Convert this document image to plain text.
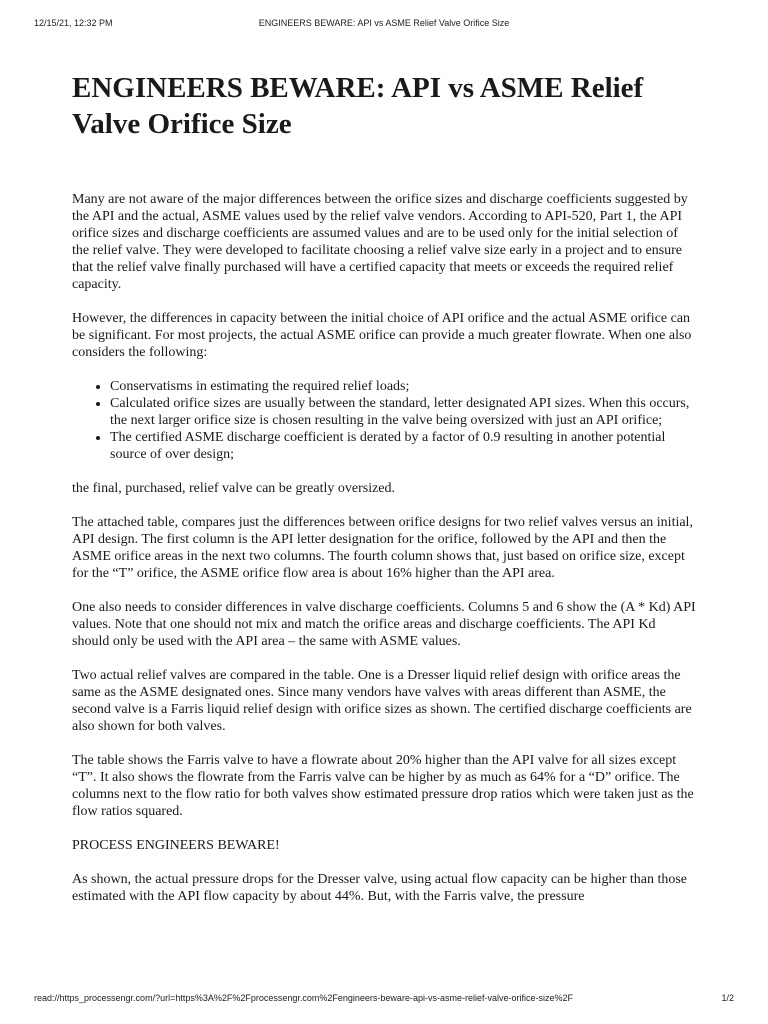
12/15/21, 12:32 PM	ENGINEERS BEWARE: API vs ASME Relief Valve Orifice Size
ENGINEERS BEWARE: API vs ASME Relief Valve Orifice Size

Many are not aware of the major differences between the orifice sizes and discharge coefficients suggested by the API and the actual, ASME values used by the relief valve vendors. According to API-520, Part 1, the API orifice sizes and discharge coefficients are assumed values and are to be used only for the initial selection of the relief valve. They were developed to facilitate choosing a relief valve size early in a project and to ensure that the relief valve finally purchased will have a certified capacity that meets or exceeds the required relief capacity.

However, the differences in capacity between the initial choice of API orifice and the actual ASME orifice can be significant. For most projects, the actual ASME orifice can provide a much greater flowrate. When one also considers the following:

• Conservatisms in estimating the required relief loads;
• Calculated orifice sizes are usually between the standard, letter designated API sizes. When this occurs, the next larger orifice size is chosen resulting in the valve being oversized with just an API orifice;
• The certified ASME discharge coefficient is derated by a factor of 0.9 resulting in another potential source of over design;

the final, purchased, relief valve can be greatly oversized.

The attached table, compares just the differences between orifice designs for two relief valves versus an initial, API design. The first column is the API letter designation for the orifice, followed by the API and then the ASME orifice areas in the next two columns. The fourth column shows that, just based on orifice size, except for the “T” orifice, the ASME orifice flow area is about 16% higher than the API area.

One also needs to consider differences in valve discharge coefficients. Columns 5 and 6 show the (A * Kd) API values. Note that one should not mix and match the orifice areas and discharge coefficients. The API Kd should only be used with the API area – the same with ASME values.

Two actual relief valves are compared in the table. One is a Dresser liquid relief design with orifice areas the same as the ASME designated ones. Since many vendors have valves with areas different than ASME, the second valve is a Farris liquid relief design with orifice sizes as shown. The certified discharge coefficients are also shown for both valves.

The table shows the Farris valve to have a flowrate about 20% higher than the API valve for all sizes except “T”. It also shows the flowrate from the Farris valve can be higher by as much as 64% for a “D” orifice. The columns next to the flow ratio for both valves show estimated pressure drop ratios which were taken just as the flow ratios squared.

PROCESS ENGINEERS BEWARE!

As shown, the actual pressure drops for the Dresser valve, using actual flow capacity can be higher than those estimated with the API flow capacity by about 44%. But, with the Farris valve, the pressure

read://https_processengr.com/?url=https%3A%2F%2Fprocessengr.com%2Fengineers-beware-api-vs-asme-relief-valve-orifice-size%2F	1/2
